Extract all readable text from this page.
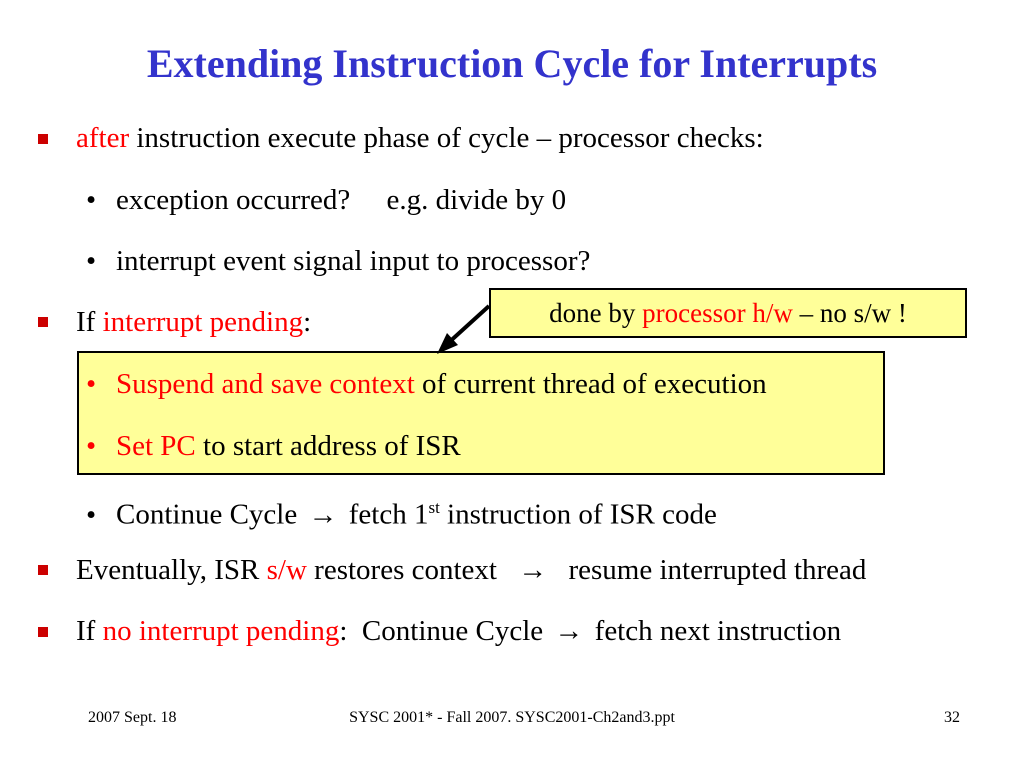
Extending Instruction Cycle for Interrupts
after instruction execute phase of cycle – processor checks:
• exception occurred?     e.g. divide by 0
• interrupt event signal input to processor?
If interrupt pending:
• Suspend and save context of current thread of execution
• Set PC to start address of ISR
• Continue Cycle → fetch 1st instruction of ISR code
Eventually, ISR s/w restores context → resume interrupted thread
If no interrupt pending:  Continue Cycle → fetch next instruction
done by processor h/w – no s/w !
2007 Sept. 18	SYSC 2001* - Fall 2007. SYSC2001-Ch2and3.ppt	32
